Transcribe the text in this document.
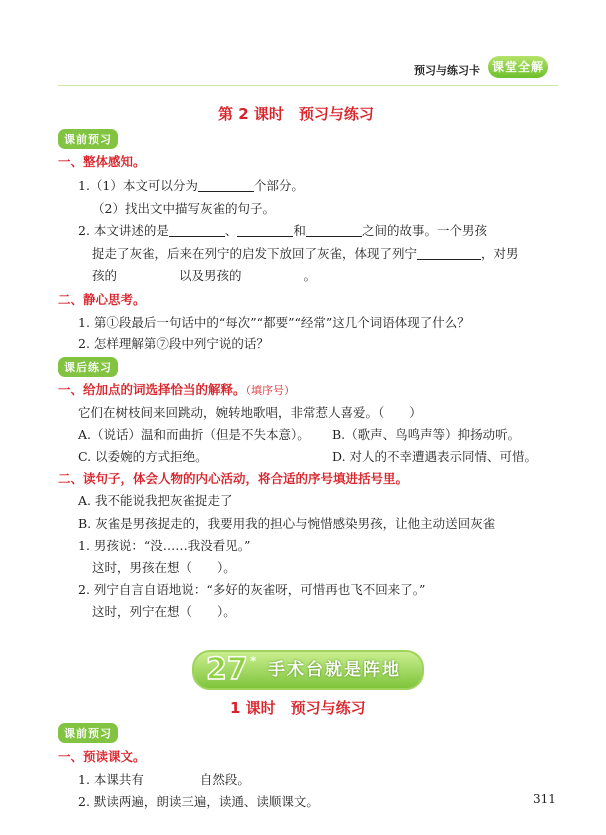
预习与练习卡 课堂全解
第 2 课时　预习与练习
课前预习
一、整体感知。
1.（1）本文可以分为	个部分。
（2）找出文中描写灰雀的句子。
2. 本文讲述的是	、	和	之间的故事。一个男孩
捉走了灰雀，后来在列宁的启发下放回了灰雀，体现了列宁	，对男
孩的	以及男孩的	。
二、静心思考。
1. 第①段最后一句话中的“每次”“都要”“经常”这几个词语体现了什么？
2. 怎样理解第⑦段中列宁说的话？
课后练习
一、给加点的词选择恰当的解释。（填序号）
它们在树枝间来回跳动，婉转地歌唱，非常惹人喜爱。（　　）
A.（说话）温和而曲折（但是不失本意）。 B.（歌声、鸟鸣声等）抑扬动听。
C. 以委婉的方式拒绝。	D. 对人的不幸遭遇表示同情、可惜。
二、读句子，体会人物的内心活动，将合适的序号填进括号里。
A. 我不能说我把灰雀捉走了
B. 灰雀是男孩捉走的，我要用我的担心与惋惜感染男孩，让他主动送回灰雀
1. 男孩说：“没……我没看见。”
这时，男孩在想（　　）。
2. 列宁自言自语地说：“多好的灰雀呀，可惜再也飞不回来了。”
这时，列宁在想（　　）。
27 * 手术台就是阵地
1 课时　预习与练习
课前预习
一、预读课文。
1. 本课共有	自然段。
2. 默读两遍，朗读三遍，读通、读顺课文。	311
